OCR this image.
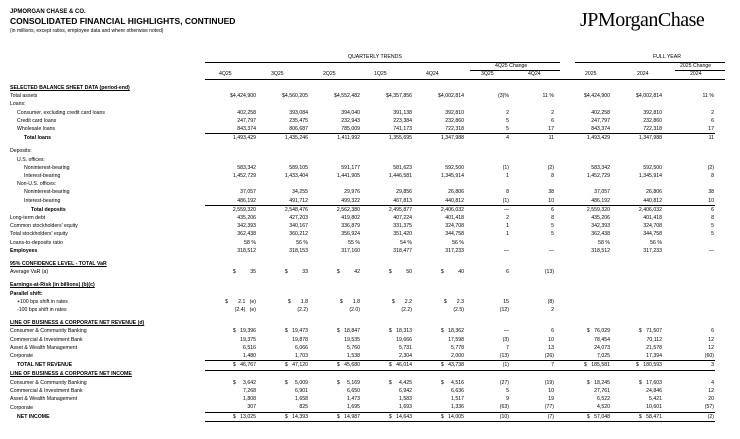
JPMORGAN CHASE & CO.
CONSOLIDATED FINANCIAL HIGHLIGHTS, CONTINUED
(in millions, except ratios, employee data and where otherwise noted)	JPMorganChase
QUARTERLY TRENDS	FULL YEAR
4Q25 Change	2025 Change
4Q25	3Q25	2Q25	1Q25	4Q24	3Q25	4Q24	2025	2024	2024
SELECTED BALANCE SHEET DATA (period-end)										
Total assets	$4,424,900	$4,560,205	$4,552,482	$4,357,856	$4,002,814	(3)%	11 %	$4,424,900	$4,002,814	11 %
Loans:										
Consumer, excluding credit card loans	402,258	393,084	394,040	391,138	392,810	2	2	402,258	392,810	2
Credit card loans	247,797	235,475	232,943	223,384	232,860	5	6	247,797	232,860	6
Wholesale loans	843,374	806,687	785,009	741,173	722,318	5	17	843,374	722,318	17
Total loans	1,493,429	1,435,246	1,411,992	1,355,695	1,347,988	4	11	1,493,429	1,347,988	11

Deposits:										
U.S. offices:										
Noninterest-bearing	583,342	589,105	591,177	581,623	592,500	(1)	(2)	583,342	592,500	(2)
Interest-bearing	1,452,729	1,433,404	1,441,905	1,446,581	1,345,914	1	8	1,452,729	1,345,914	8
Non-U.S. offices:										
Noninterest-bearing	37,057	34,255	29,976	29,856	26,806	8	38	37,057	26,806	38
Interest-bearing	486,192	491,712	499,322	467,813	440,812	(1)	10	486,192	440,812	10
Total deposits	2,559,320	2,548,476	2,562,380	2,495,877	2,406,032	—	6	2,559,320	2,406,032	6
Long-term debt	435,206	427,203	419,802	407,224	401,418	2	8	435,206	401,418	8
Common stockholders' equity	342,393	340,167	336,879	331,375	324,708	1	5	342,393	324,708	5
Total stockholders' equity	362,438	360,212	356,924	351,420	344,758	1	5	362,438	344,758	5
Loans-to-deposits ratio	58 %	56 %	55 %	54 %	56 %			58 %	56 %	
Employees	318,512	318,153	317,160	318,477	317,233	—	—	318,512	317,233	—

95% CONFIDENCE LEVEL - TOTAL VaR										
Average VaR (a)	$          35	$          33	$          42	$          50	$          40	6	(13)			

Earnings-at-Risk (in billions) (b)(c)										
Parallel shift:										
+100 bps shift in rates	$       2.1   (e)	$       1.8	$       1.8	$       2.2	$       2.3	15	(8)			
-100 bps shift in rates	(2.4)   (e)	(2.2)	(2.0)	(2.2)	(2.5)	(12)	2			

LINE OF BUSINESS & CORPORATE NET REVENUE (d)										
Consumer & Community Banking	$   19,396	$   19,473	$   18,847	$   18,313	$   18,362	—	6	$   76,029	$   71,507	6
Commercial & Investment Bank	19,375	19,878	19,535	19,666	17,598	(3)	10	78,454	70,112	12
Asset & Wealth Management	6,516	6,066	5,760	5,731	5,778	7	13	24,073	21,578	12
Corporate	1,480	1,703	1,538	2,304	2,000	(13)	(26)	7,025	17,394	(60)
TOTAL NET REVENUE	$   46,767	$   47,120	$   45,680	$   46,014	$   43,738	(1)	7	$   185,581	$   180,593	3
LINE OF BUSINESS & CORPORATE NET INCOME										
Consumer & Community Banking	$     3,642	$     5,009	$     5,169	$     4,425	$     4,516	(27)	(19)	$   18,245	$   17,603	4
Commercial & Investment Bank	7,268	6,901	6,650	6,942	6,636	5	10	27,761	24,846	12
Asset & Wealth Management	1,808	1,658	1,473	1,583	1,517	9	19	6,522	5,421	20
Corporate	307	825	1,695	1,693	1,336	(63)	(77)	4,520	10,601	(57)
NET INCOME	$   13,025	$   14,393	$   14,987	$   14,643	$   14,005	(10)	(7)	$   57,048	$   58,471	(2)
